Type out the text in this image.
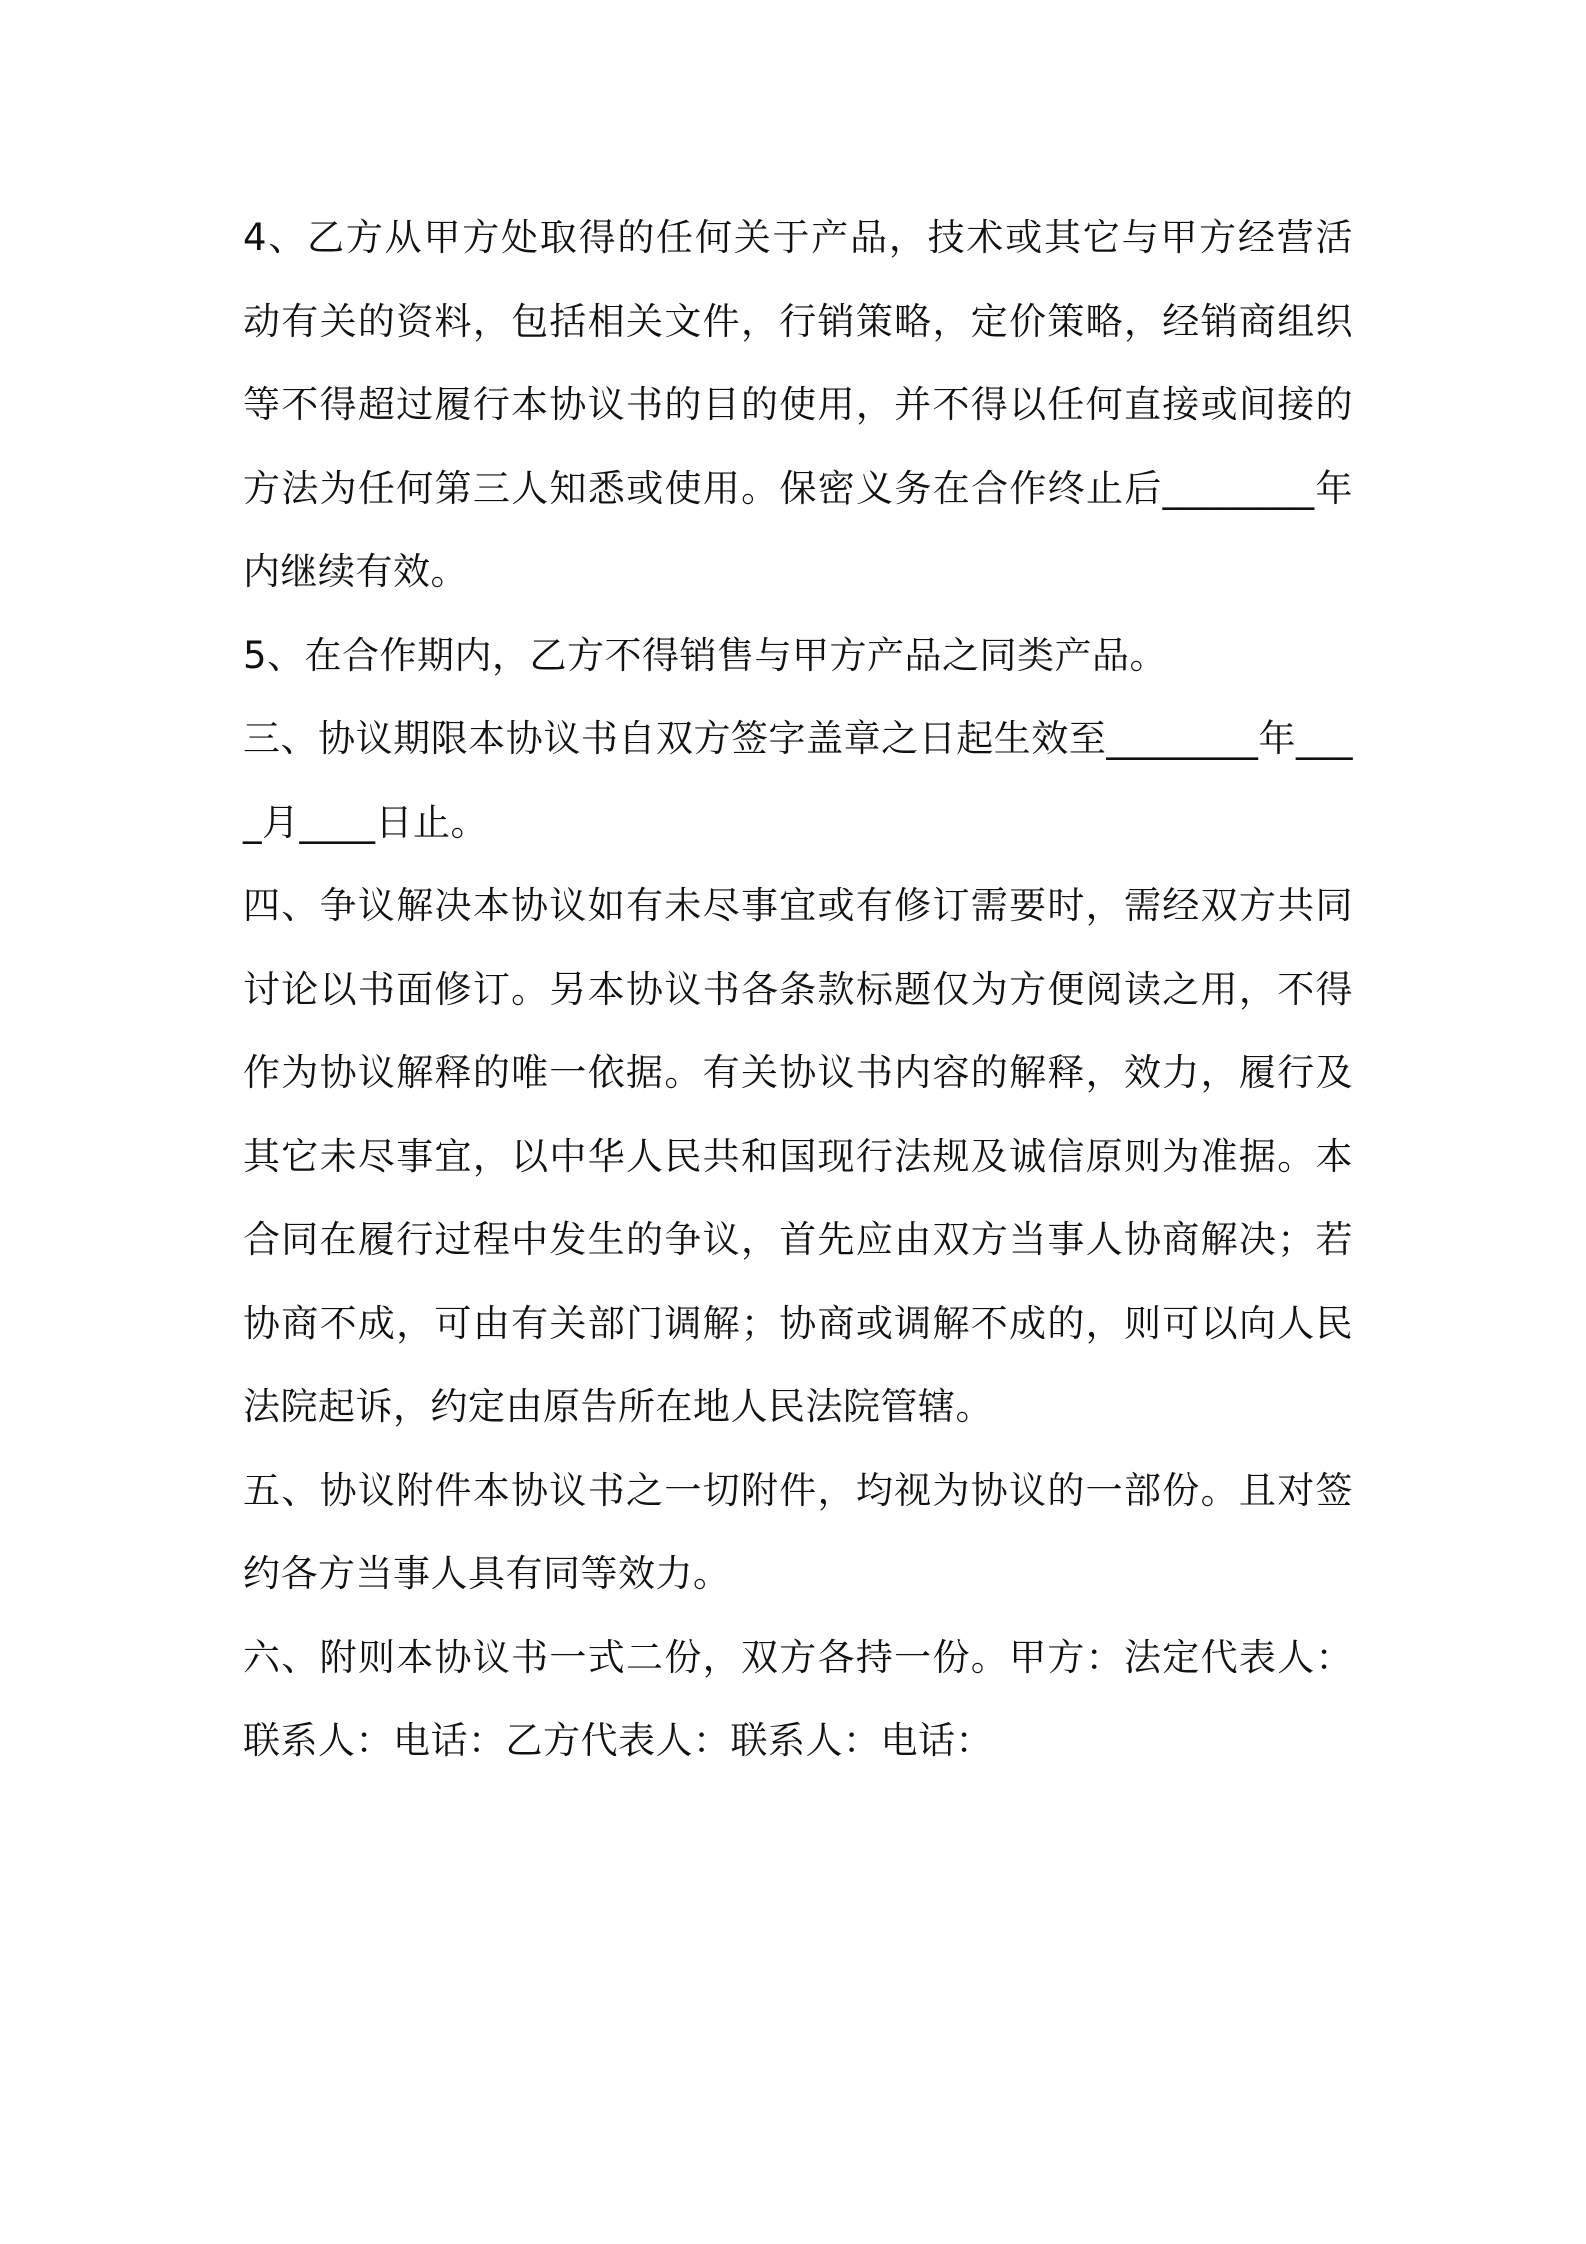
4、乙方从甲方处取得的任何关于产品，技术或其它与甲方经营活动有关的资料，包括相关文件，行销策略，定价策略，经销商组织等不得超过履行本协议书的目的使用，并不得以任何直接或间接的方法为任何第三人知悉或使用。保密义务在合作终止后________年内继续有效。

5、在合作期内，乙方不得销售与甲方产品之同类产品。

三、协议期限本协议书自双方签字盖章之日起生效至________年____月____日止。

四、争议解决本协议如有未尽事宜或有修订需要时，需经双方共同讨论以书面修订。另本协议书各条款标题仅为方便阅读之用，不得作为协议解释的唯一依据。有关协议书内容的解释，效力，履行及其它未尽事宜，以中华人民共和国现行法规及诚信原则为准据。本合同在履行过程中发生的争议，首先应由双方当事人协商解决；若协商不成，可由有关部门调解；协商或调解不成的，则可以向人民法院起诉，约定由原告所在地人民法院管辖。

五、协议附件本协议书之一切附件，均视为协议的一部份。且对签约各方当事人具有同等效力。

六、附则本协议书一式二份，双方各持一份。甲方：法定代表人：联系人：电话：乙方代表人：联系人：电话：
